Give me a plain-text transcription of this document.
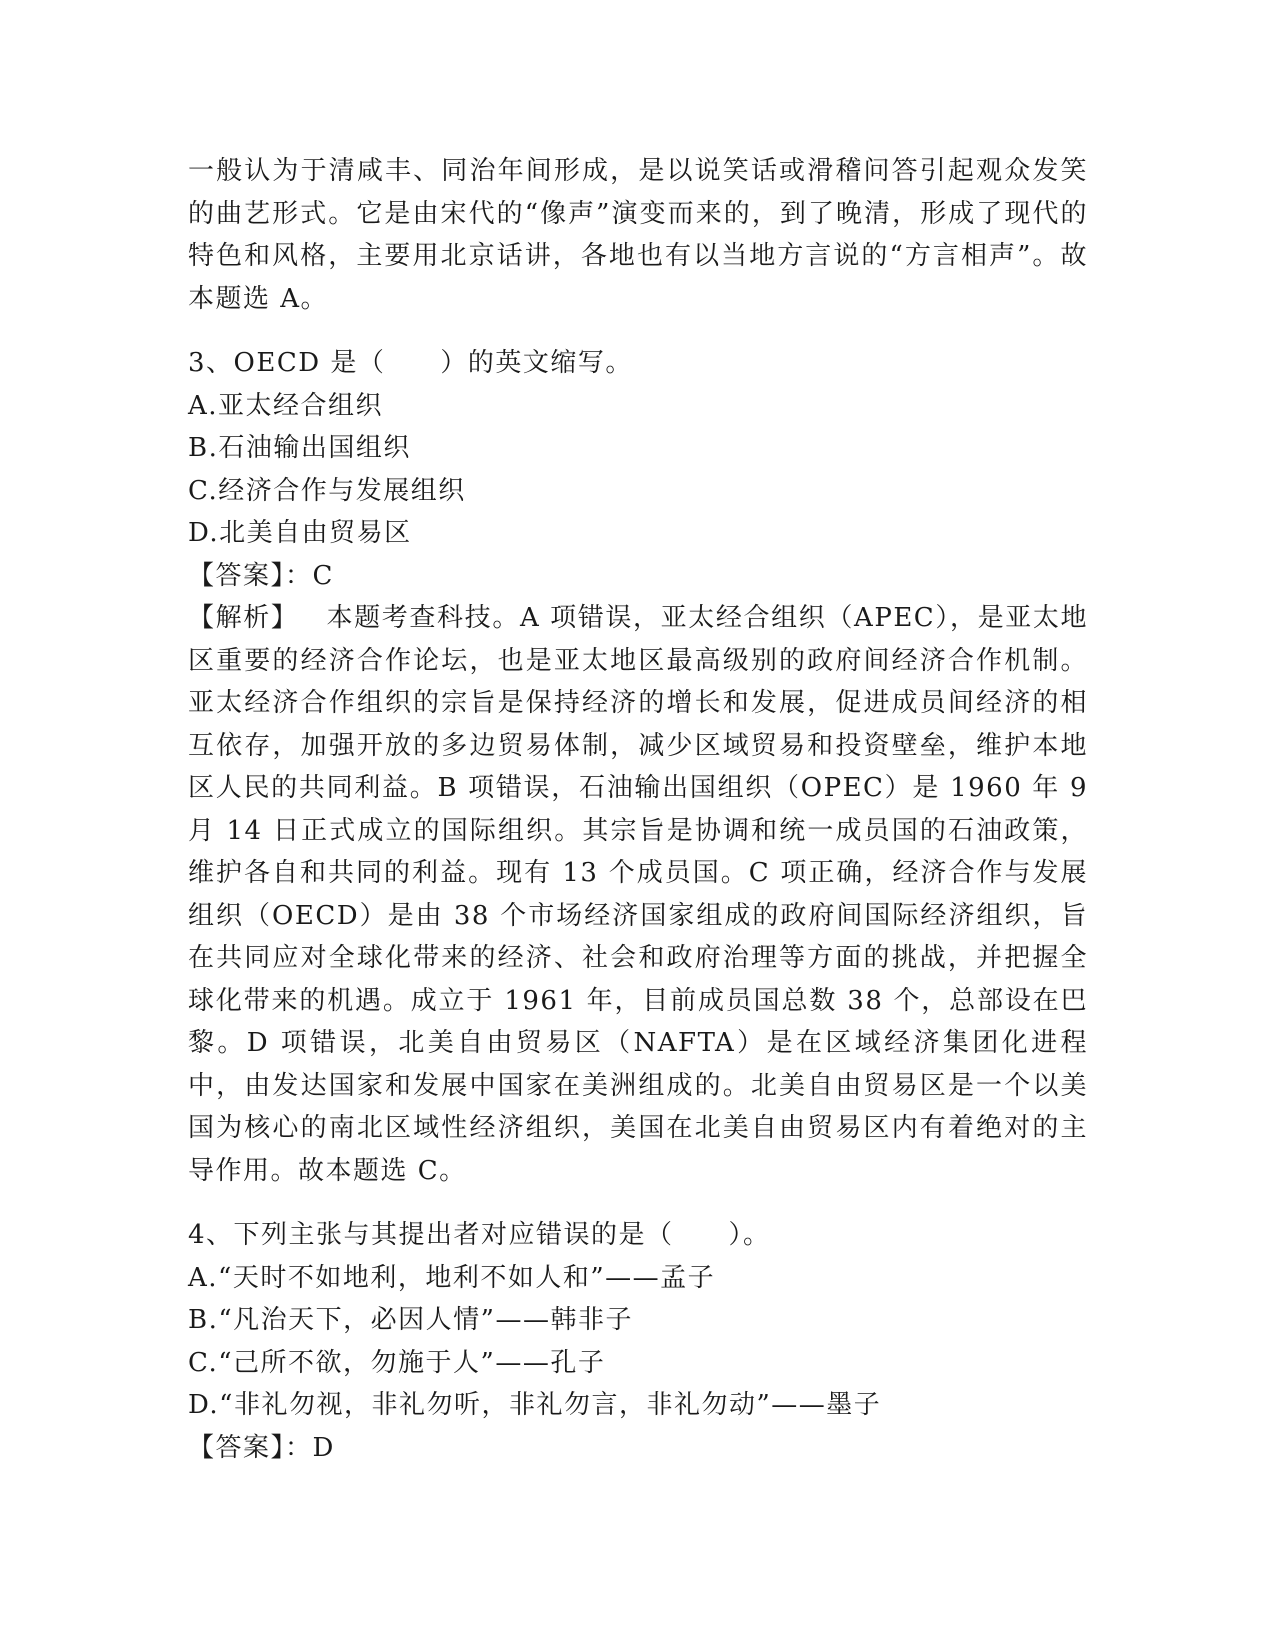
一般认为于清咸丰、同治年间形成，是以说笑话或滑稽问答引起观众发笑的曲艺形式。它是由宋代的“像声”演变而来的，到了晚清，形成了现代的特色和风格，主要用北京话讲，各地也有以当地方言说的“方言相声”。故本题选 A。

3、OECD 是（　　）的英文缩写。

A.亚太经合组织

B.石油输出国组织

C.经济合作与发展组织

D.北美自由贸易区

【答案】：C

【解析】 本题考查科技。A 项错误，亚太经合组织（APEC），是亚太地区重要的经济合作论坛，也是亚太地区最高级别的政府间经济合作机制。亚太经济合作组织的宗旨是保持经济的增长和发展，促进成员间经济的相互依存，加强开放的多边贸易体制，减少区域贸易和投资壁垒，维护本地区人民的共同利益。B 项错误，石油输出国组织（OPEC）是 1960 年 9 月 14 日正式成立的国际组织。其宗旨是协调和统一成员国的石油政策，维护各自和共同的利益。现有 13 个成员国。C 项正确，经济合作与发展组织（OECD）是由 38 个市场经济国家组成的政府间国际经济组织，旨在共同应对全球化带来的经济、社会和政府治理等方面的挑战，并把握全球化带来的机遇。成立于 1961 年，目前成员国总数 38 个，总部设在巴黎。D 项错误，北美自由贸易区（NAFTA）是在区域经济集团化进程中，由发达国家和发展中国家在美洲组成的。北美自由贸易区是一个以美国为核心的南北区域性经济组织，美国在北美自由贸易区内有着绝对的主导作用。故本题选 C。

4、下列主张与其提出者对应错误的是（　　）。

A.“天时不如地利，地利不如人和”——孟子

B.“凡治天下，必因人情”——韩非子

C.“己所不欲，勿施于人”——孔子

D.“非礼勿视，非礼勿听，非礼勿言，非礼勿动”——墨子

【答案】：D
